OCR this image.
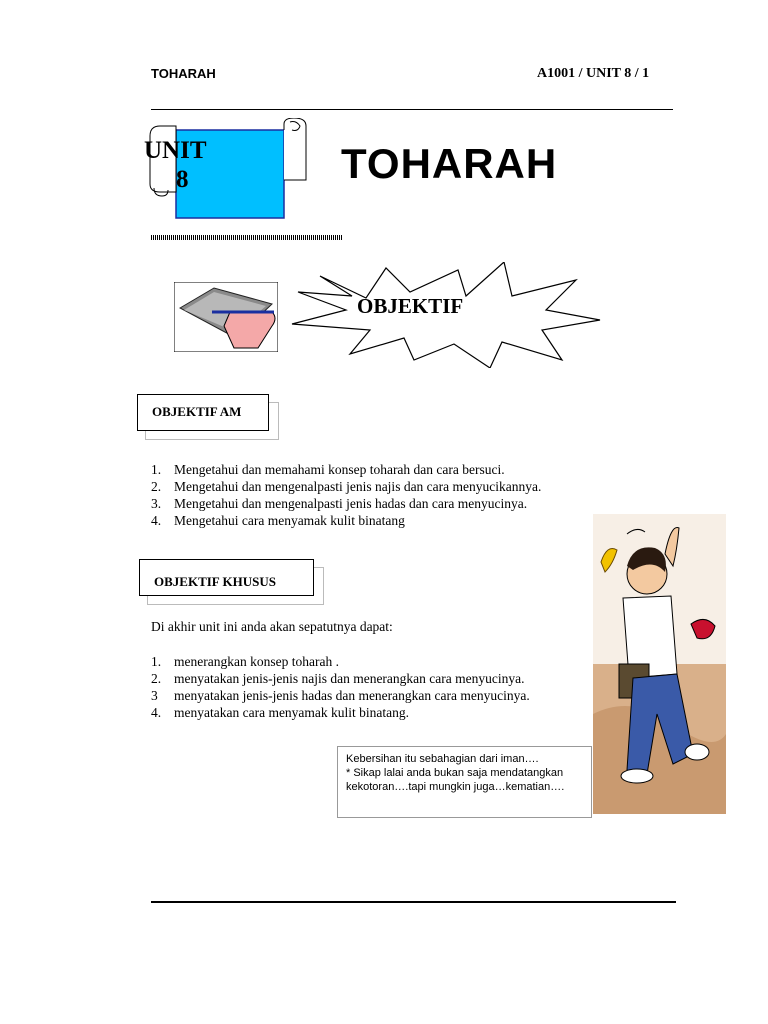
TOHARAH	A1001 / UNIT 8 / 1
UNIT
8	TOHARAH
OBJEKTIF
OBJEKTIF AM
1. Mengetahui dan memahami konsep toharah dan cara bersuci.
2. Mengetahui dan mengenalpasti jenis najis dan cara menyucikannya.
3. Mengetahui dan mengenalpasti jenis hadas dan cara menyucinya.
4. Mengetahui cara menyamak kulit binatang
OBJEKTIF KHUSUS
Di akhir unit ini anda akan sepatutnya dapat:
1. menerangkan konsep toharah .
2. menyatakan jenis-jenis najis dan menerangkan cara menyucinya.
3	menyatakan jenis-jenis hadas dan menerangkan cara menyucinya.
4. menyatakan cara menyamak kulit binatang.
Kebersihan itu sebahagian dari iman….
* Sikap lalai anda bukan saja mendatangkan kekotoran….tapi mungkin juga…kematian….
